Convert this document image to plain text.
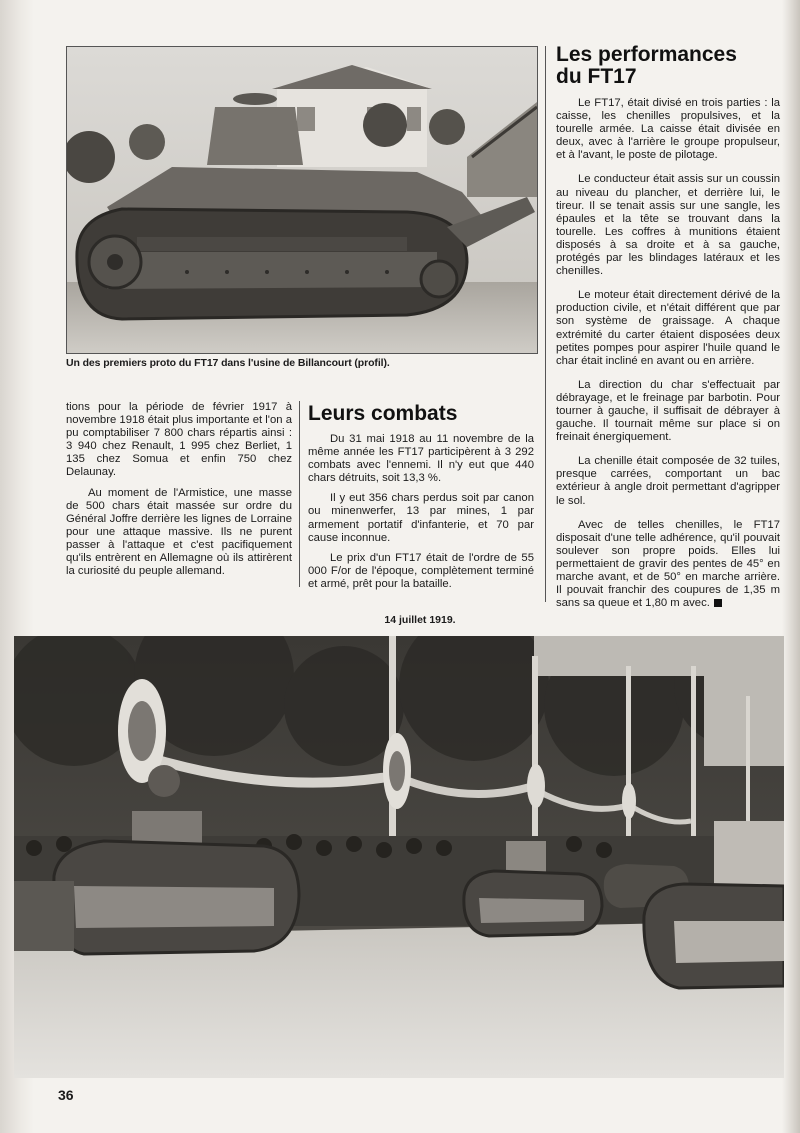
Un des premiers proto du FT17 dans l'usine de Billancourt (profil).

tions pour la période de février 1917 à novembre 1918 était plus importante et l'on a pu comptabiliser 7 800 chars répartis ainsi : 3 940 chez Renault, 1 995 chez Berliet, 1 135 chez Somua et enfin 750 chez Delaunay.

Au moment de l'Armistice, une masse de 500 chars était massée sur ordre du Général Joffre derrière les lignes de Lorraine pour une attaque massive. Ils ne purent passer à l'attaque et c'est pacifiquement qu'ils entrèrent en Allemagne où ils attirèrent la curiosité du peuple allemand.

Leurs combats

Du 31 mai 1918 au 11 novembre de la même année les FT17 participèrent à 3 292 combats avec l'ennemi. Il n'y eut que 440 chars détruits, soit 13,3 %.

Il y eut 356 chars perdus soit par canon ou minenwerfer, 13 par mines, 1 par armement portatif d'infanterie, et 70 par cause inconnue.

Le prix d'un FT17 était de l'ordre de 55 000 F/or de l'époque, complètement terminé et armé, prêt pour la bataille.

Les performances
du FT17

Le FT17, était divisé en trois parties : la caisse, les chenilles propulsives, et la tourelle armée. La caisse était divisée en deux, avec à l'arrière le groupe propulseur, et à l'avant, le poste de pilotage.

Le conducteur était assis sur un coussin au niveau du plancher, et derrière lui, le tireur. Il se tenait assis sur une sangle, les épaules et la tête se trouvant dans la tourelle. Les coffres à munitions étaient disposés à sa droite et à sa gauche, protégés par les blindages latéraux et les chenilles.

Le moteur était directement dérivé de la production civile, et n'était différent que par son système de graissage. A chaque extrémité du carter étaient disposées deux petites pompes pour aspirer l'huile quand le char était incliné en avant ou en arrière.

La direction du char s'effectuait par débrayage, et le freinage par barbotin. Pour tourner à gauche, il suffisait de débrayer à gauche. Il tournait même sur place si on freinait énergiquement.

La chenille était composée de 32 tuiles, presque carrées, comportant un bac extérieur à angle droit permettant d'agripper le sol.

Avec de telles chenilles, le FT17 disposait d'une telle adhérence, qu'il pouvait soulever son propre poids. Elles lui permettaient de gravir des pentes de 45° en marche avant, et de 50° en marche arrière. Il pouvait franchir des coupures de 1,35 m sans sa queue et 1,80 m avec.

14 juillet 1919.
36
